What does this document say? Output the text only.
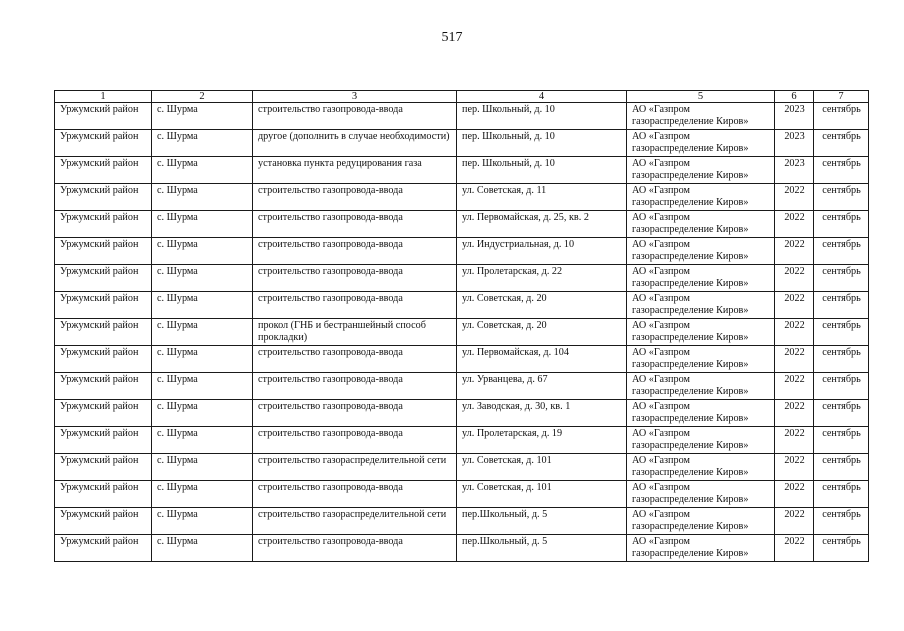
517
1	2	3	4	5	6	7
Уржумский район	с. Шурма	строительство газопровода-ввода	пер. Школьный, д. 10	АО «Газпром газораспределение Киров»	2023	сентябрь
Уржумский район	с. Шурма	другое (дополнить в случае необходимости)	пер. Школьный, д. 10	АО «Газпром газораспределение Киров»	2023	сентябрь
Уржумский район	с. Шурма	установка пункта редуцирования газа	пер. Школьный, д. 10	АО «Газпром газораспределение Киров»	2023	сентябрь
Уржумский район	с. Шурма	строительство газопровода-ввода	ул. Советская, д. 11	АО «Газпром газораспределение Киров»	2022	сентябрь
Уржумский район	с. Шурма	строительство газопровода-ввода	ул. Первомайская, д. 25, кв. 2	АО «Газпром газораспределение Киров»	2022	сентябрь
Уржумский район	с. Шурма	строительство газопровода-ввода	ул. Индустриальная, д. 10	АО «Газпром газораспределение Киров»	2022	сентябрь
Уржумский район	с. Шурма	строительство газопровода-ввода	ул. Пролетарская, д. 22	АО «Газпром газораспределение Киров»	2022	сентябрь
Уржумский район	с. Шурма	строительство газопровода-ввода	ул. Советская, д. 20	АО «Газпром газораспределение Киров»	2022	сентябрь
Уржумский район	с. Шурма	прокол (ГНБ и бестраншейный способ прокладки)	ул. Советская, д. 20	АО «Газпром газораспределение Киров»	2022	сентябрь
Уржумский район	с. Шурма	строительство газопровода-ввода	ул. Первомайская, д. 104	АО «Газпром газораспределение Киров»	2022	сентябрь
Уржумский район	с. Шурма	строительство газопровода-ввода	ул. Урванцева, д. 67	АО «Газпром газораспределение Киров»	2022	сентябрь
Уржумский район	с. Шурма	строительство газопровода-ввода	ул. Заводская, д. 30, кв. 1	АО «Газпром газораспределение Киров»	2022	сентябрь
Уржумский район	с. Шурма	строительство газопровода-ввода	ул. Пролетарская, д. 19	АО «Газпром газораспределение Киров»	2022	сентябрь
Уржумский район	с. Шурма	строительство газораспределительной сети	ул. Советская, д. 101	АО «Газпром газораспределение Киров»	2022	сентябрь
Уржумский район	с. Шурма	строительство газопровода-ввода	ул. Советская, д. 101	АО «Газпром газораспределение Киров»	2022	сентябрь
Уржумский район	с. Шурма	строительство газораспределительной сети	пер.Школьный, д. 5	АО «Газпром газораспределение Киров»	2022	сентябрь
Уржумский район	с. Шурма	строительство газопровода-ввода	пер.Школьный, д. 5	АО «Газпром газораспределение Киров»	2022	сентябрь
